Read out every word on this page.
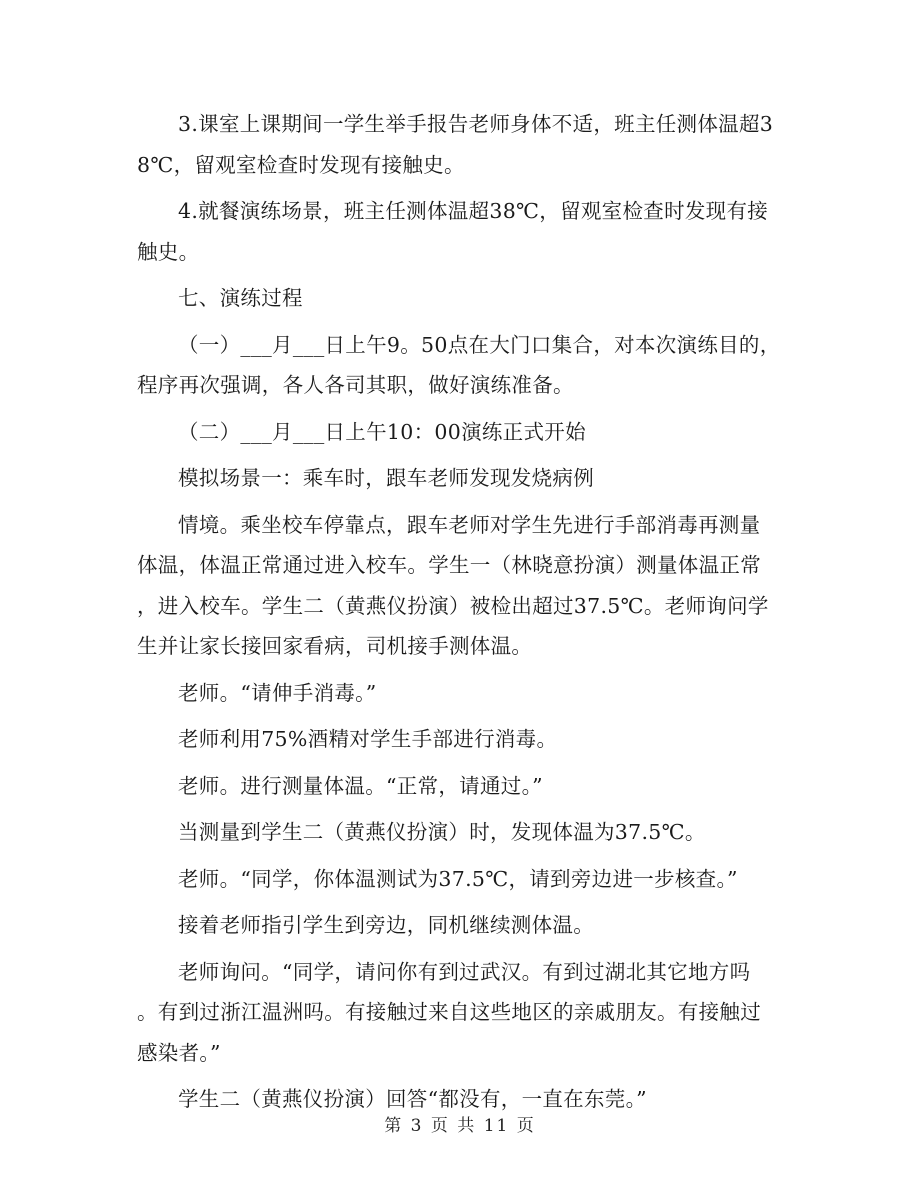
3.课室上课期间一学生举手报告老师身体不适，班主任测体温超3
8℃，留观室检查时发现有接触史。
4.就餐演练场景，班主任测体温超38℃，留观室检查时发现有接
触史。
七、演练过程
（一）___月___日上午9。50点在大门口集合，对本次演练目的，
程序再次强调，各人各司其职，做好演练准备。
（二）___月___日上午10：00演练正式开始
模拟场景一：乘车时，跟车老师发现发烧病例
情境。乘坐校车停靠点，跟车老师对学生先进行手部消毒再测量
体温，体温正常通过进入校车。学生一（林晓意扮演）测量体温正常
，进入校车。学生二（黄燕仪扮演）被检出超过37.5℃。老师询问学
生并让家长接回家看病，司机接手测体温。
老师。“请伸手消毒。”
老师利用75%酒精对学生手部进行消毒。
老师。进行测量体温。“正常，请通过。”
当测量到学生二（黄燕仪扮演）时，发现体温为37.5℃。
老师。“同学，你体温测试为37.5℃，请到旁边进一步核查。”
接着老师指引学生到旁边，同机继续测体温。
老师询问。“同学，请问你有到过武汉。有到过湖北其它地方吗
。有到过浙江温洲吗。有接触过来自这些地区的亲戚朋友。有接触过
感染者。”
学生二（黄燕仪扮演）回答“都没有，一直在东莞。”
第 3 页 共 11 页
